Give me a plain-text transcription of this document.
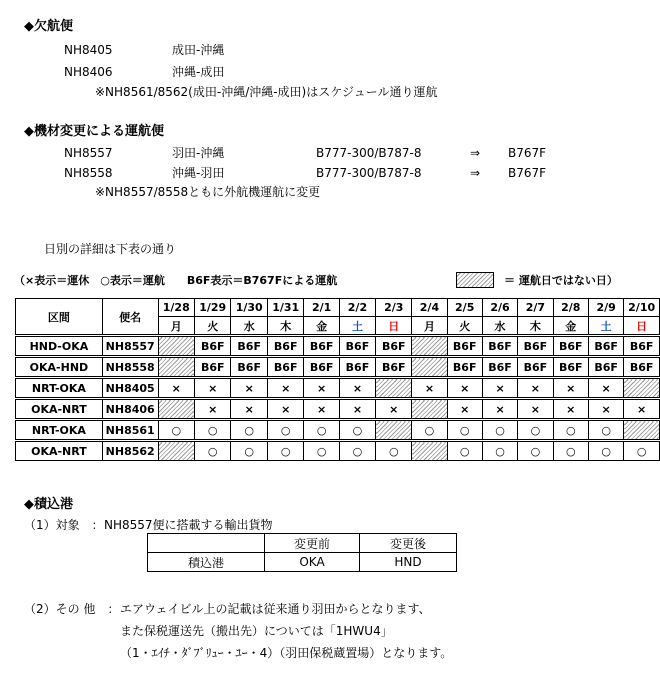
◆欠航便
NH8405	成田-沖縄
NH8406	沖縄-成田
※NH8561/8562(成田-沖縄/沖縄-成田)はスケジュール通り運航
◆機材変更による運航便
NH8557	羽田-沖縄	B777-300/B787-8	⇒ B767F
NH8558	沖縄-羽田	B777-300/B787-8	⇒ B767F
※NH8557/8558ともに外航機運航に変更
日別の詳細は下表の通り
（×表示＝運休　○表示＝運航　　B6F表示＝B767Fによる運航	＝ 運航日ではない日）
区間	便名	1/28	1/29	1/30	1/31	2/1	2/2	2/3	2/4	2/5	2/6	2/7	2/8	2/9	2/10
		月	火	水	木	金	土	日	月	火	水	木	金	土	日
HND-OKA	NH8557		B6F	B6F	B6F	B6F	B6F	B6F		B6F	B6F	B6F	B6F	B6F	B6F
OKA-HND	NH8558		B6F	B6F	B6F	B6F	B6F	B6F		B6F	B6F	B6F	B6F	B6F	B6F
NRT-OKA	NH8405	×	×	×	×	×	×		×	×	×	×	×	×	
OKA-NRT	NH8406		×	×	×	×	×	×		×	×	×	×	×	×
NRT-OKA	NH8561	○	○	○	○	○	○		○	○	○	○	○	○	
OKA-NRT	NH8562		○	○	○	○	○	○		○	○	○	○	○	○
◆積込港
（1）対象　： NH8557便に搭載する輸出貨物
	変更前	変更後
積込港	OKA	HND
（2）その 他　： エアウェイビル上の記載は従来通り羽田からとなります、
また保税運送先（搬出先）については「1HWU4」
（1・ｴｲﾁ・ﾀﾞﾌﾞﾘｭｰ・ﾕｰ・4）（羽田保税蔵置場）となります。
